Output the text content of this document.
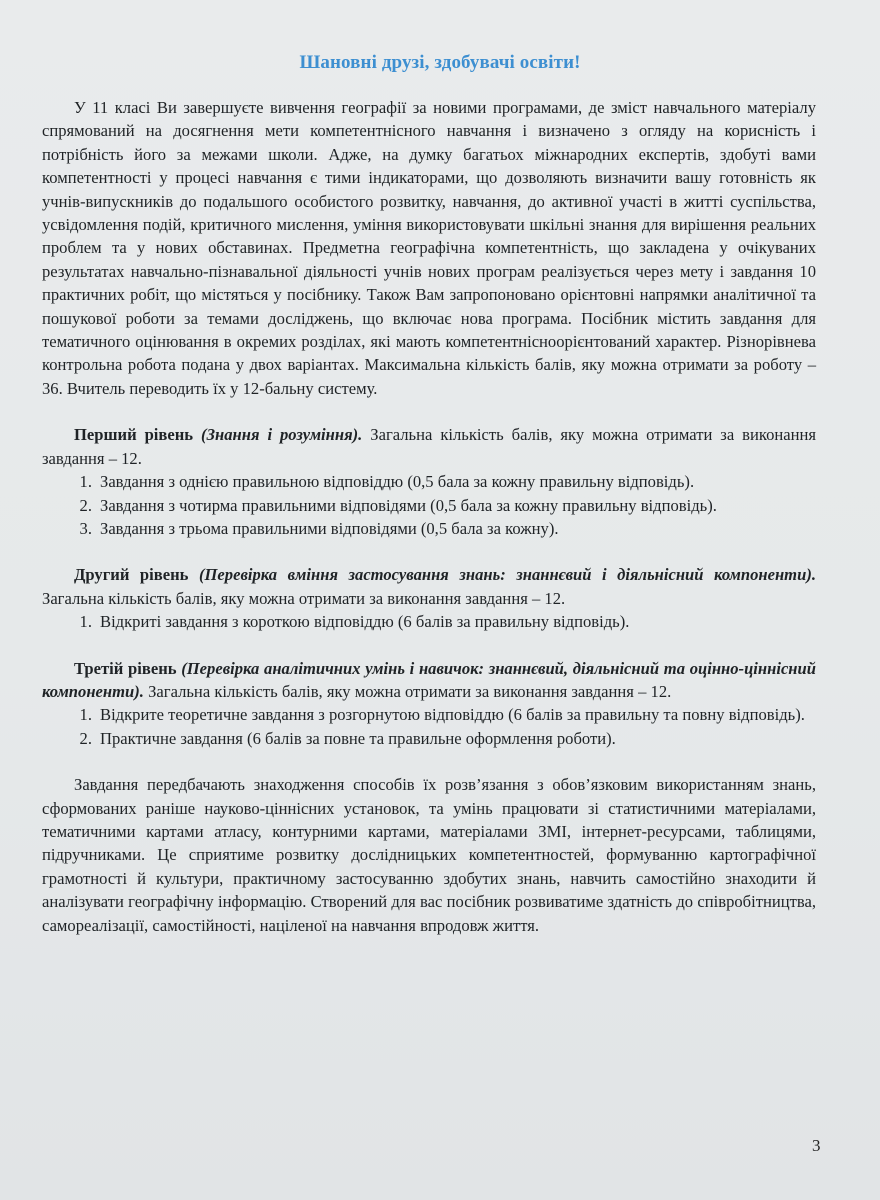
Шановні друзі, здобувачі освіти!

У 11 класі Ви завершуєте вивчення географії за новими програмами, де зміст навчального матеріалу спрямований на досягнення мети компетентнісного навчання і визначено з огляду на корисність і потрібність його за межами школи. Адже, на думку багатьох міжнародних експертів, здобуті вами компетентності у процесі навчання є тими індикаторами, що дозволяють визначити вашу готовність як учнів-випускників до подальшого особистого розвитку, навчання, до активної участі в житті суспільства, усвідомлення подій, критичного мислення, уміння використовувати шкільні знання для вирішення реальних проблем та у нових обставинах. Предметна географічна компетентність, що закладена у очікуваних результатах навчально-пізнавальної діяльності учнів нових програм реалізується через мету і завдання 10 практичних робіт, що містяться у посібнику. Також Вам запропоновано орієнтовні напрямки аналітичної та пошукової роботи за темами досліджень, що включає нова програма. Посібник містить завдання для тематичного оцінювання в окремих розділах, які мають компетентнісноорієнтований характер. Різнорівнева контрольна робота подана у двох варіантах. Максимальна кількість балів, яку можна отримати за роботу – 36. Вчитель переводить їх у 12-бальну систему.

Перший рівень (Знання і розуміння). Загальна кількість балів, яку можна отримати за виконання завдання – 12.

1. Завдання з однією правильною відповіддю (0,5 бала за кожну правильну відповідь).
2. Завдання з чотирма правильними відповідями (0,5 бала за кожну правильну відповідь).
3. Завдання з трьома правильними відповідями (0,5 бала за кожну).

Другий рівень (Перевірка вміння застосування знань: знаннєвий і діяльнісний компоненти). Загальна кількість балів, яку можна отримати за виконання завдання – 12.

1. Відкриті завдання з короткою відповіддю (6 балів за правильну відповідь).

Третій рівень (Перевірка аналітичних умінь і навичок: знаннєвий, діяльнісний та оцінно-ціннісний компоненти). Загальна кількість балів, яку можна отримати за виконання завдання – 12.

1. Відкрите теоретичне завдання з розгорнутою відповіддю (6 балів за правильну та повну відповідь).
2. Практичне завдання (6 балів за повне та правильне оформлення роботи).

Завдання передбачають знаходження способів їх розв’язання з обов’язковим використанням знань, сформованих раніше науково-ціннісних установок, та умінь працювати зі статистичними матеріалами, тематичними картами атласу, контурними картами, матеріалами ЗМІ, інтернет-ресурсами, таблицями, підручниками. Це сприятиме розвитку дослідницьких компетентностей, формуванню картографічної грамотності й культури, практичному застосуванню здобутих знань, навчить самостійно знаходити й аналізувати географічну інформацію. Створений для вас посібник розвиватиме здатність до співробітництва, самореалізації, самостійності, націленої на навчання впродовж життя.

3
